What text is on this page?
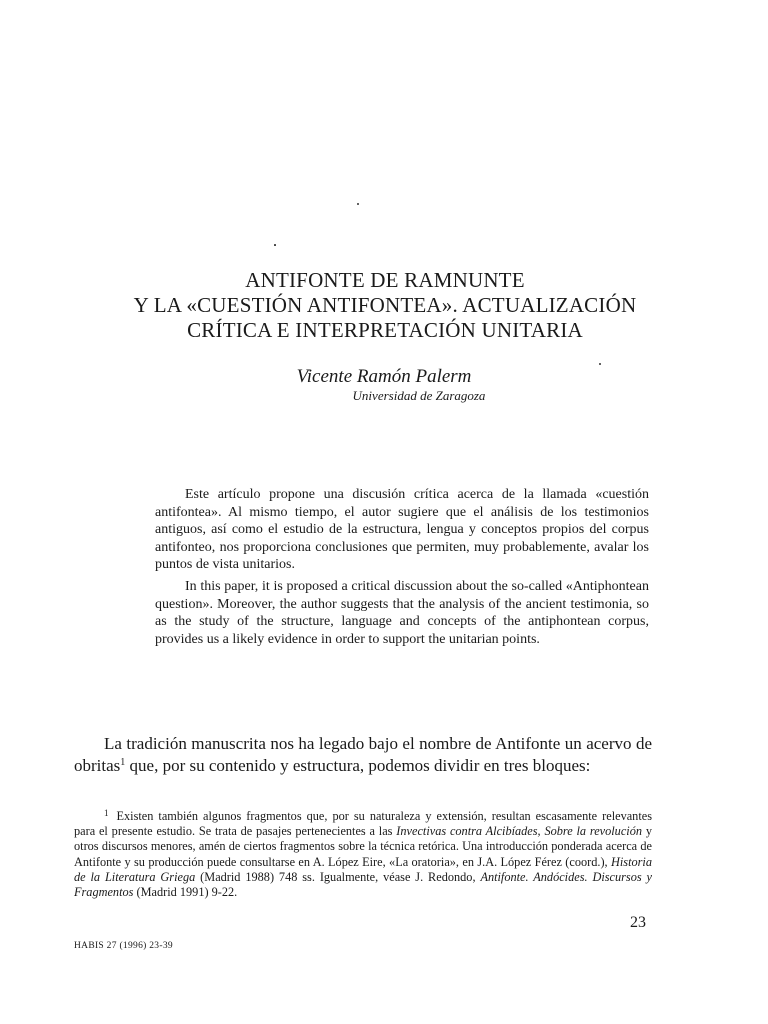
ANTIFONTE DE RAMNUNTE
Y LA «CUESTIÓN ANTIFONTEA». ACTUALIZACIÓN
CRÍTICA E INTERPRETACIÓN UNITARIA
Vicente Ramón Palerm
Universidad de Zaragoza

Este artículo propone una discusión crítica acerca de la llamada «cuestión antifontea». Al mismo tiempo, el autor sugiere que el análisis de los testimonios antiguos, así como el estudio de la estructura, lengua y conceptos propios del corpus antifonteo, nos proporciona conclusiones que permiten, muy probablemente, avalar los puntos de vista unitarios.

In this paper, it is proposed a critical discussion about the so-called «Antiphontean question». Moreover, the author suggests that the analysis of the ancient testimonia, so as the study of the structure, language and concepts of the antiphontean corpus, provides us a likely evidence in order to support the unitarian points.

La tradición manuscrita nos ha legado bajo el nombre de Antifonte un acervo de obritas$^1$ que, por su contenido y estructura, podemos dividir en tres bloques:

$^1$ Existen también algunos fragmentos que, por su naturaleza y extensión, resultan escasamente relevantes para el presente estudio. Se trata de pasajes pertenecientes a las Invectivas contra Alcibíades, Sobre la revolución y otros discursos menores, amén de ciertos fragmentos sobre la técnica retórica. Una introducción ponderada acerca de Antifonte y su producción puede consultarse en A. López Eire, «La oratoria», en J.A. López Férez (coord.), Historia de la Literatura Griega (Madrid 1988) 748 ss. Igualmente, véase J. Redondo, Antifonte. Andócides. Discursos y Fragmentos (Madrid 1991) 9-22.

23
HABIS 27 (1996) 23-39
